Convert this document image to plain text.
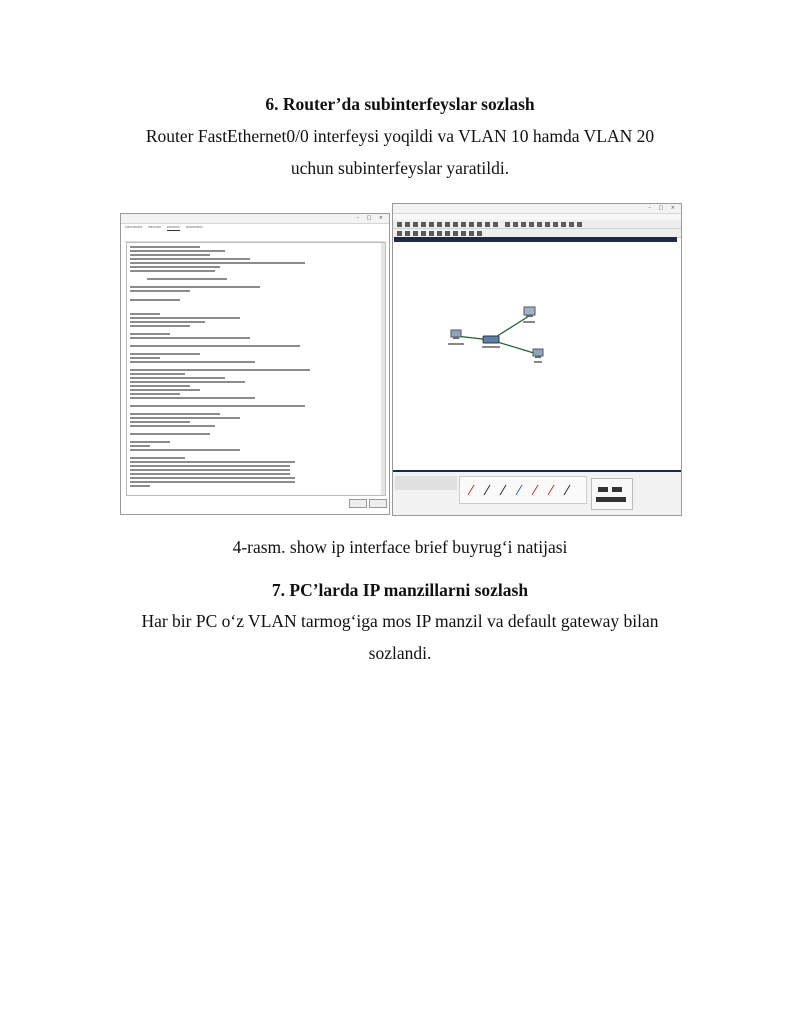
6. Router’da subinterfeyslar sozlash
Router FastEthernet0/0 interfeysi yoqildi va VLAN 10 hamda VLAN 20
uchun subinterfeyslar yaratildi.
– □ ×
▭▭▭▭ ▭▭▭ ▭▭▭ ▭▭▭▭
– □ ×
4-rasm. show ip interface brief buyrug‘i natijasi
7. PC’larda IP manzillarni sozlash
Har bir PC o‘z VLAN tarmog‘iga mos IP manzil va default gateway bilan
sozlandi.
